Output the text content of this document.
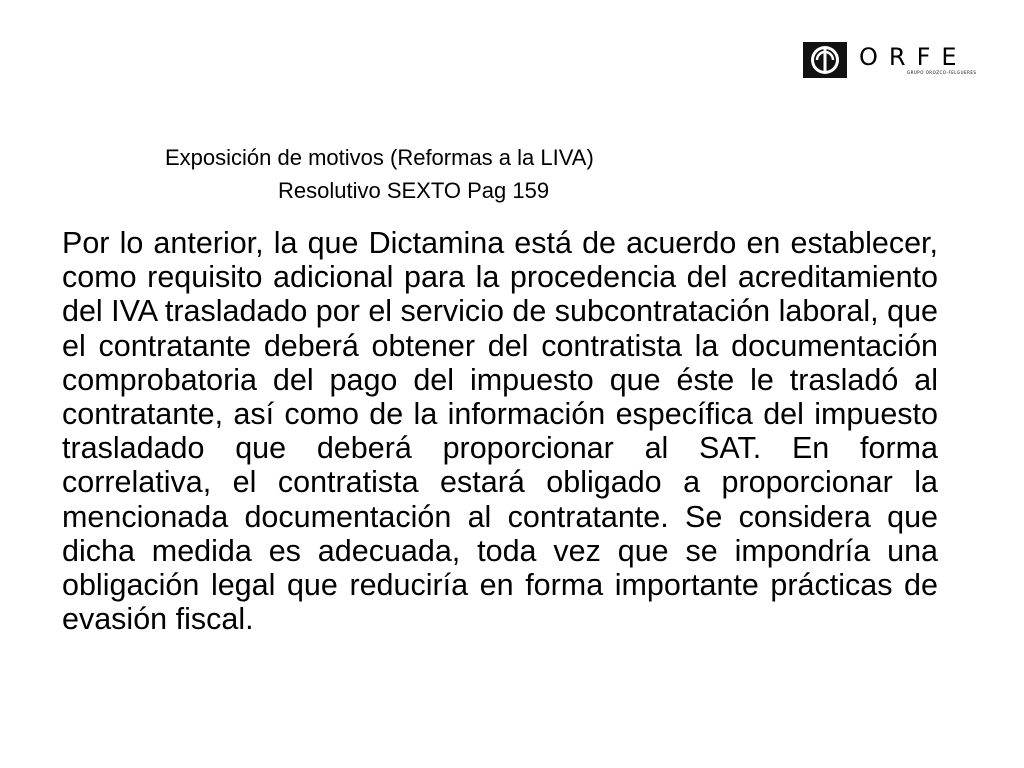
ORFE
GRUPO OROZCO-FELGUERES
Exposición de motivos (Reformas a la LIVA)
Resolutivo SEXTO Pag 159
Por lo anterior, la que Dictamina está de acuerdo en establecer, como requisito adicional para la procedencia del acreditamiento del IVA trasladado por el servicio de subcontratación laboral, que el contratante deberá obtener del contratista la documentación comprobatoria del pago del impuesto que éste le trasladó al contratante, así como de la información específica del impuesto trasladado que deberá proporcionar al SAT. En forma correlativa, el contratista estará obligado a proporcionar la mencionada documentación al contratante. Se considera que dicha medida es adecuada, toda vez que se impondría una obligación legal que reduciría en forma importante prácticas de evasión fiscal.
